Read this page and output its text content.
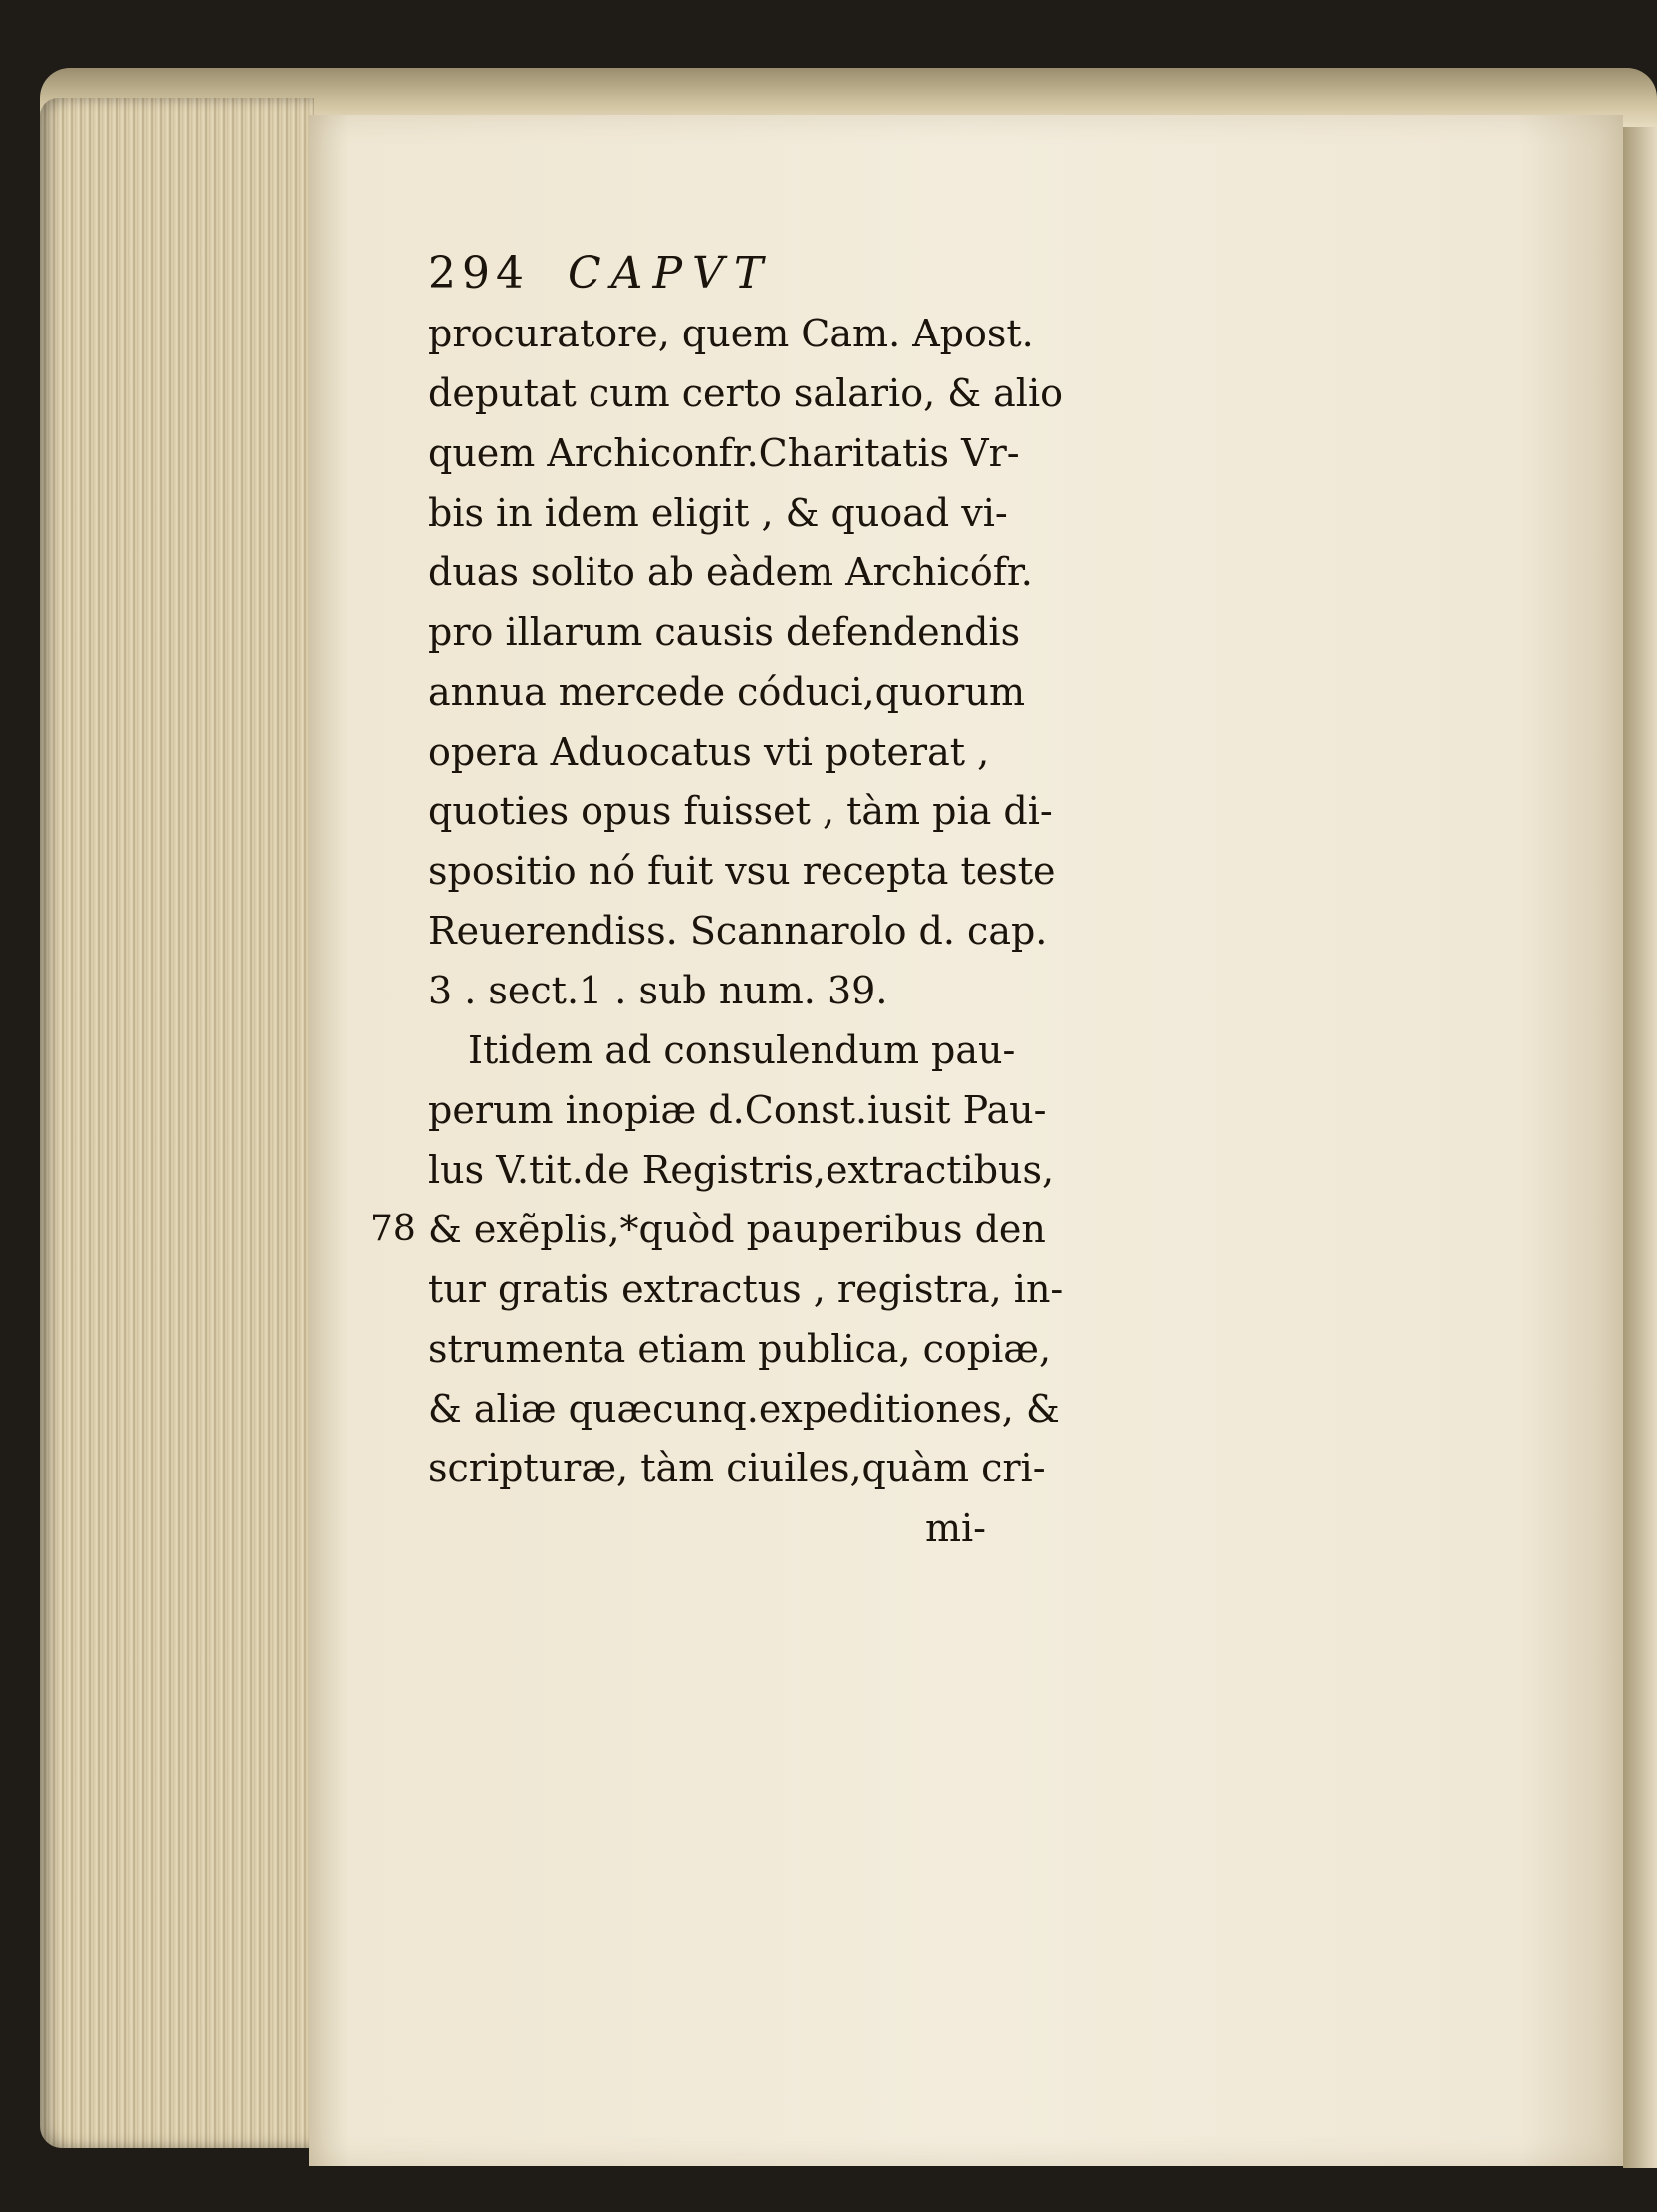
294 CAPVT
procuratore, quem Cam. Apost.
deputat cum certo salario, & alio
quem Archiconfr.Charitatis Vr-
bis in idem eligit , & quoad vi-
duas solito ab eàdem Archicófr.
pro illarum causis defendendis
annua mercede códuci,quorum
opera Aduocatus vti poterat ,
quoties opus fuisset , tàm pia di-
spositio nó fuit vsu recepta teste
Reuerendiss. Scannarolo d. cap.
3 . sect.1 . sub num. 39.
Itidem ad consulendum pau-
perum inopiæ d.Const.iusit Pau-
lus V.tit.de Registris,extractibus,
78 & exẽplis,*quòd pauperibus den
tur gratis extractus , registra, in-
strumenta etiam publica, copiæ,
& aliæ quæcunq.expeditiones, &
scripturæ, tàm ciuiles,quàm cri-
mi-
